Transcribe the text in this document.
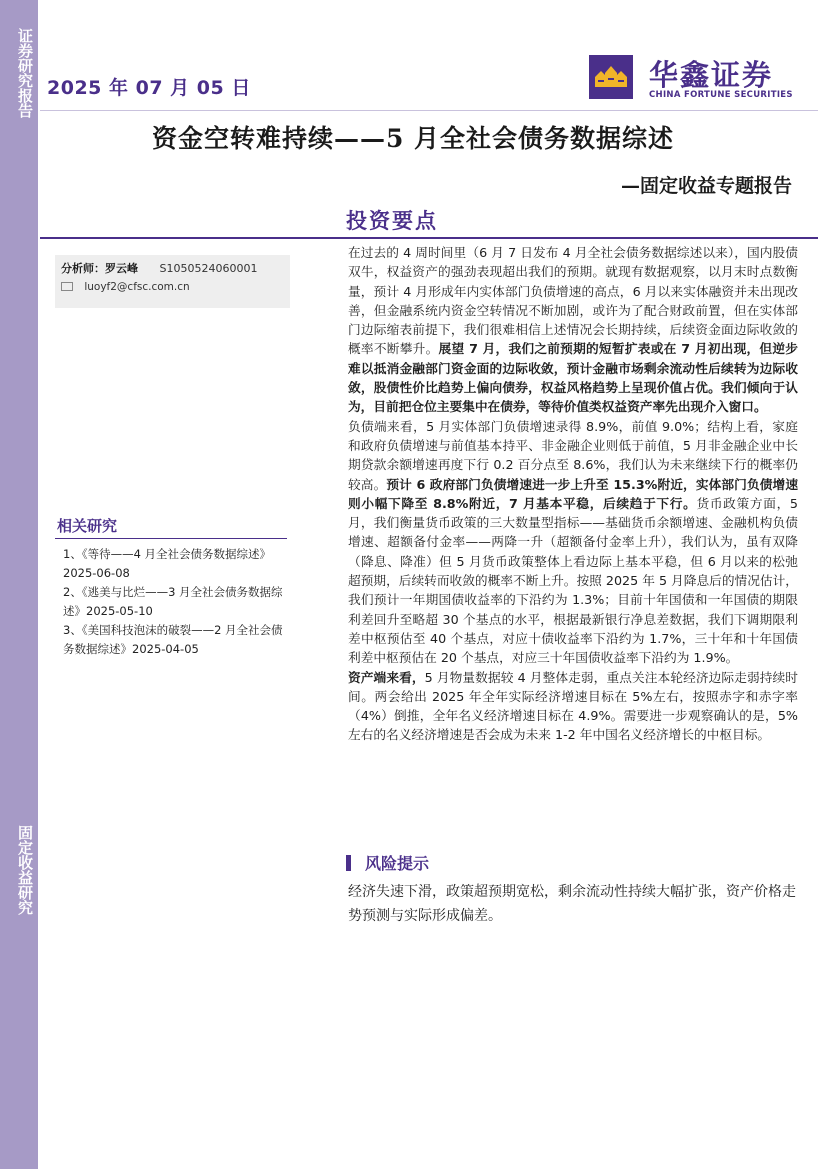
证券研究报告
固定收益研究
2025 年 07 月 05 日	华鑫证券
CHINA FORTUNE SECURITIES
资金空转难持续——5 月全社会债务数据综述
—固定收益专题报告
投资要点
分析师：罗云峰 S1050524060001
luoyf2@cfsc.com.cn
相关研究
1、《等待——4 月全社会债务数据综述》2025-06-08
2、《逃美与比烂——3 月全社会债务数据综述》2025-05-10
3、《美国科技泡沫的破裂——2 月全社会债务数据综述》2025-04-05

在过去的 4 周时间里（6 月 7 日发布 4 月全社会债务数据综述以来），国内股债双牛，权益资产的强劲表现超出我们的预期。就现有数据观察，以月末时点数衡量，预计 4 月形成年内实体部门负债增速的高点，6 月以来实体融资并未出现改善，但金融系统内资金空转情况不断加剧，或许为了配合财政前置，但在实体部门边际缩表前提下，我们很难相信上述情况会长期持续，后续资金面边际收敛的概率不断攀升。展望 7 月，我们之前预期的短暂扩表或在 7 月初出现，但逆步难以抵消金融部门资金面的边际收敛，预计金融市场剩余流动性后续转为边际收敛，股债性价比趋势上偏向债券，权益风格趋势上呈现价值占优。我们倾向于认为，目前把仓位主要集中在债券，等待价值类权益资产率先出现介入窗口。

负债端来看，5 月实体部门负债增速录得 8.9%，前值 9.0%；结构上看，家庭和政府负债增速与前值基本持平、非金融企业则低于前值，5 月非金融企业中长期贷款余额增速再度下行 0.2 百分点至 8.6%，我们认为未来继续下行的概率仍较高。预计 6 政府部门负债增速进一步上升至 15.3%附近，实体部门负债增速则小幅下降至 8.8%附近，7 月基本平稳，后续趋于下行。货币政策方面，5 月，我们衡量货币政策的三大数量型指标——基础货币余额增速、金融机构负债增速、超额备付金率——两降一升（超额备付金率上升），我们认为，虽有双降（降息、降准）但 5 月货币政策整体上看边际上基本平稳，但 6 月以来的松弛超预期，后续转而收敛的概率不断上升。按照 2025 年 5 月降息后的情况估计，我们预计一年期国债收益率的下沿约为 1.3%；目前十年国债和一年国债的期限利差回升至略超 30 个基点的水平，根据最新银行净息差数据，我们下调期限利差中枢预估至 40 个基点，对应十债收益率下沿约为 1.7%，三十年和十年国债利差中枢预估在 20 个基点，对应三十年国债收益率下沿约为 1.9%。

资产端来看，5 月物量数据较 4 月整体走弱，重点关注本轮经济边际走弱持续时间。两会给出 2025 年全年实际经济增速目标在 5%左右，按照赤字和赤字率（4%）倒推，全年名义经济增速目标在 4.9%。需要进一步观察确认的是，5%左右的名义经济增速是否会成为未来 1-2 年中国名义经济增长的中枢目标。

风险提示
经济失速下滑，政策超预期宽松，剩余流动性持续大幅扩张，资产价格走势预测与实际形成偏差。
